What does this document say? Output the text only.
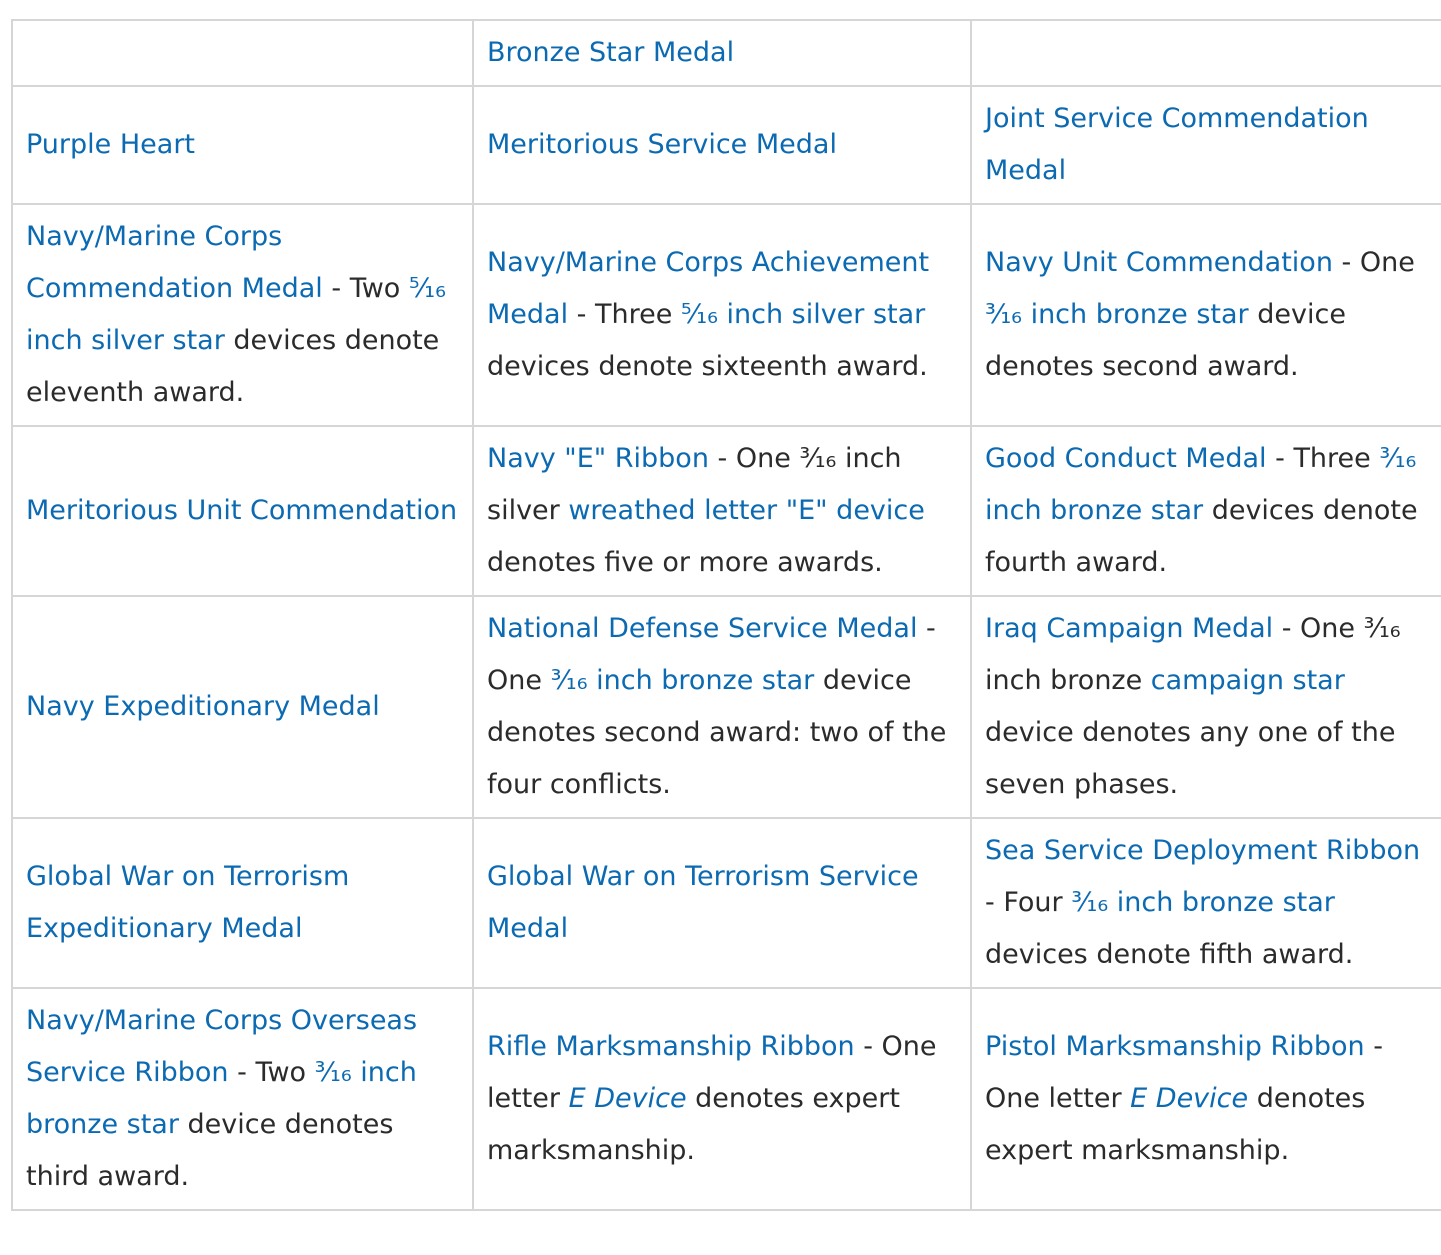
	Bronze Star Medal	
Purple Heart	Meritorious Service Medal	Joint Service Commendation Medal
Navy/Marine Corps Commendation Medal - Two ⁵⁄₁₆ inch silver star devices denote eleventh award.	Navy/Marine Corps Achievement Medal - Three ⁵⁄₁₆ inch silver star devices denote sixteenth award.	Navy Unit Commendation - One ³⁄₁₆ inch bronze star device denotes second award.
Meritorious Unit Commendation	Navy "E" Ribbon - One ³⁄₁₆ inch silver wreathed letter "E" device denotes five or more awards.	Good Conduct Medal - Three ³⁄₁₆ inch bronze star devices denote fourth award.
Navy Expeditionary Medal	National Defense Service Medal - One ³⁄₁₆ inch bronze star device denotes second award: two of the four conflicts.	Iraq Campaign Medal - One ³⁄₁₆ inch bronze campaign star device denotes any one of the seven phases.
Global War on Terrorism Expeditionary Medal	Global War on Terrorism Service Medal	Sea Service Deployment Ribbon - Four ³⁄₁₆ inch bronze star devices denote fifth award.
Navy/Marine Corps Overseas Service Ribbon - Two ³⁄₁₆ inch bronze star device denotes third award.	Rifle Marksmanship Ribbon - One letter E Device denotes expert marksmanship.	Pistol Marksmanship Ribbon - One letter E Device denotes expert marksmanship.
